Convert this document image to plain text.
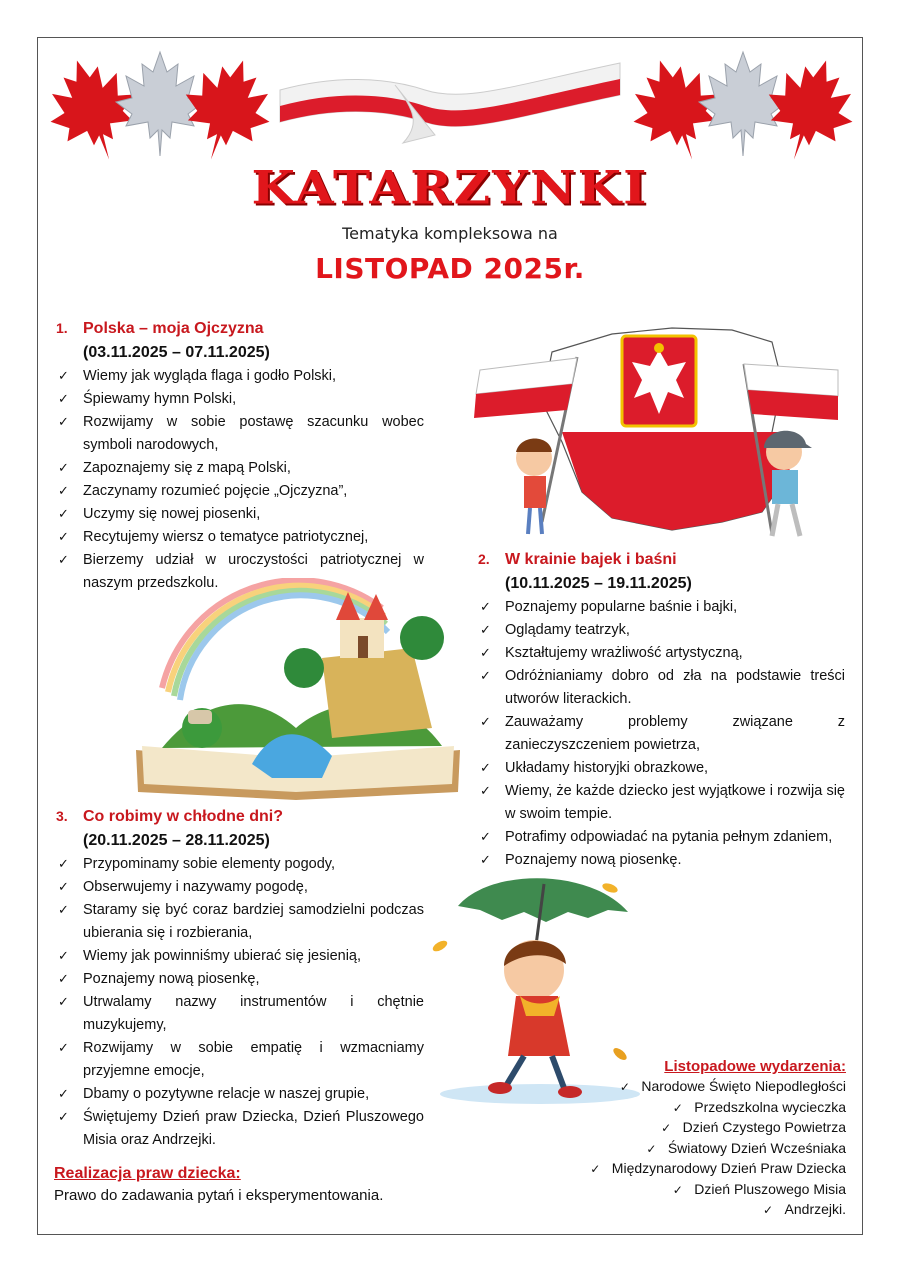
KATARZYNKI
Tematyka kompleksowa na
LISTOPAD 2025r.
1. Polska – moja Ojczyzna
(03.11.2025 – 07.11.2025)
✓ Wiemy jak wygląda flaga i godło Polski,
✓ Śpiewamy hymn Polski,
✓ Rozwijamy w sobie postawę szacunku wobec symboli narodowych,
✓ Zapoznajemy się z mapą Polski,
✓ Zaczynamy rozumieć pojęcie „Ojczyzna”,
✓ Uczymy się nowej piosenki,
✓ Recytujemy wiersz o tematyce patriotycznej,
✓ Bierzemy udział w uroczystości patriotycznej w naszym przedszkolu.
2. W krainie bajek i baśni
(10.11.2025 – 19.11.2025)
✓ Poznajemy popularne baśnie i bajki,
✓ Oglądamy teatrzyk,
✓ Kształtujemy wrażliwość artystyczną,
✓ Odróżnianiamy dobro od zła na podstawie treści utworów literackich.
✓ Zauważamy problemy związane z zanieczyszczeniem powietrza,
✓ Układamy historyjki obrazkowe,
✓ Wiemy, że każde dziecko jest wyjątkowe i rozwija się w swoim tempie.
✓ Potrafimy odpowiadać na pytania pełnym zdaniem,
✓ Poznajemy nową piosenkę.
3. Co robimy w chłodne dni?
(20.11.2025 – 28.11.2025)
✓ Przypominamy sobie elementy pogody,
✓ Obserwujemy i nazywamy pogodę,
✓ Staramy się być coraz bardziej samodzielni podczas ubierania się i rozbierania,
✓ Wiemy jak powinniśmy ubierać się jesienią,
✓ Poznajemy nową piosenkę,
✓ Utrwalamy nazwy instrumentów i chętnie muzykujemy,
✓ Rozwijamy w sobie empatię i wzmacniamy przyjemne emocje,
✓ Dbamy o pozytywne relacje w naszej grupie,
✓ Świętujemy Dzień praw Dziecka, Dzień Pluszowego Misia oraz Andrzejki.
Listopadowe wydarzenia:
✓   Narodowe Święto Niepodległości
✓   Przedszkolna wycieczka
✓   Dzień Czystego Powietrza
✓   Światowy Dzień Wcześniaka
✓   Międzynarodowy Dzień Praw Dziecka
✓   Dzień Pluszowego Misia
✓   Andrzejki.
Realizacja praw dziecka:
Prawo do zadawania pytań i eksperymentowania.
